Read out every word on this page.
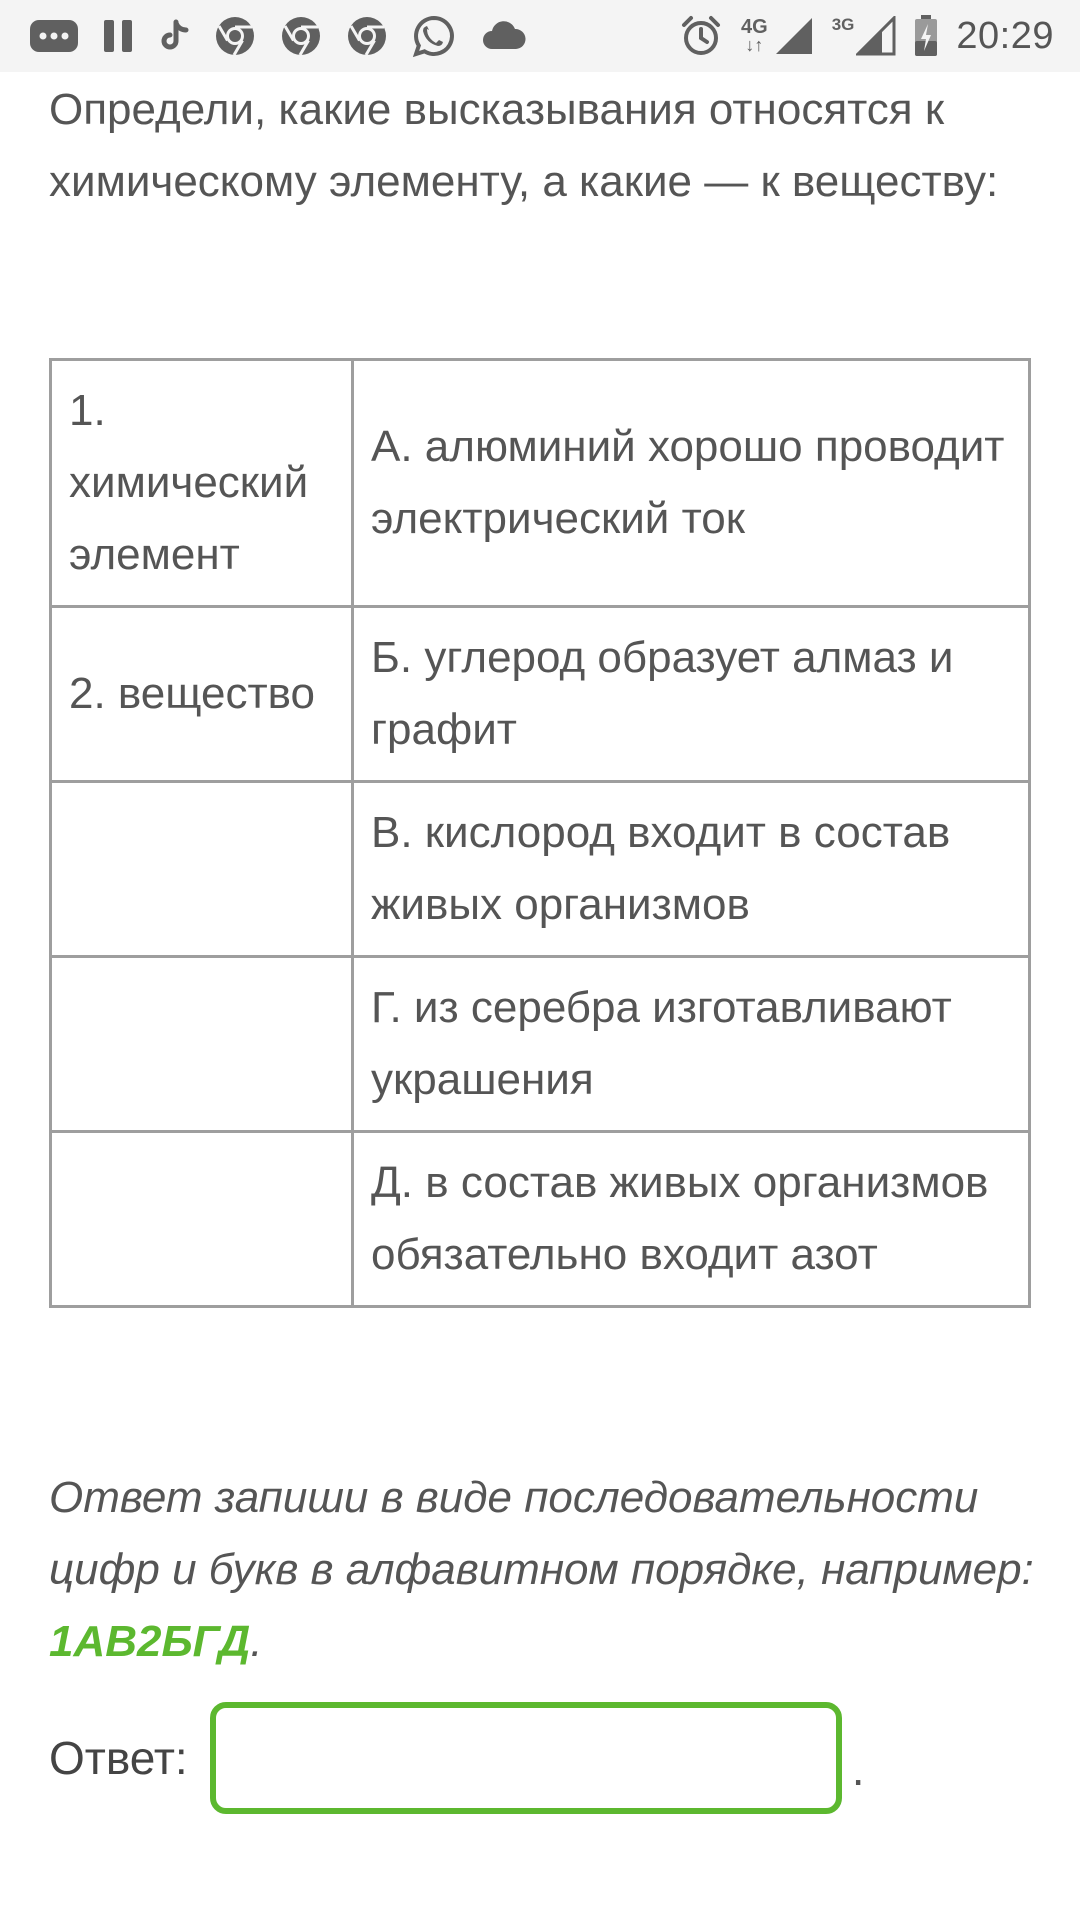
4G
↓↑
3G	20:29

Определи, какие высказывания относятся к химическому элементу, а какие — к веществу:

1. химический элемент	А. алюминий хорошо проводит электрический ток
2. вещество	Б. углерод образует алмаз и графит
	В. кислород входит в состав живых организмов
	Г. из серебра изготавливают украшения
	Д. в состав живых организмов обязательно входит азот

Ответ запиши в виде последовательности цифр и букв в алфавитном порядке, например: 1АВ2БГД.

Ответ:	.
